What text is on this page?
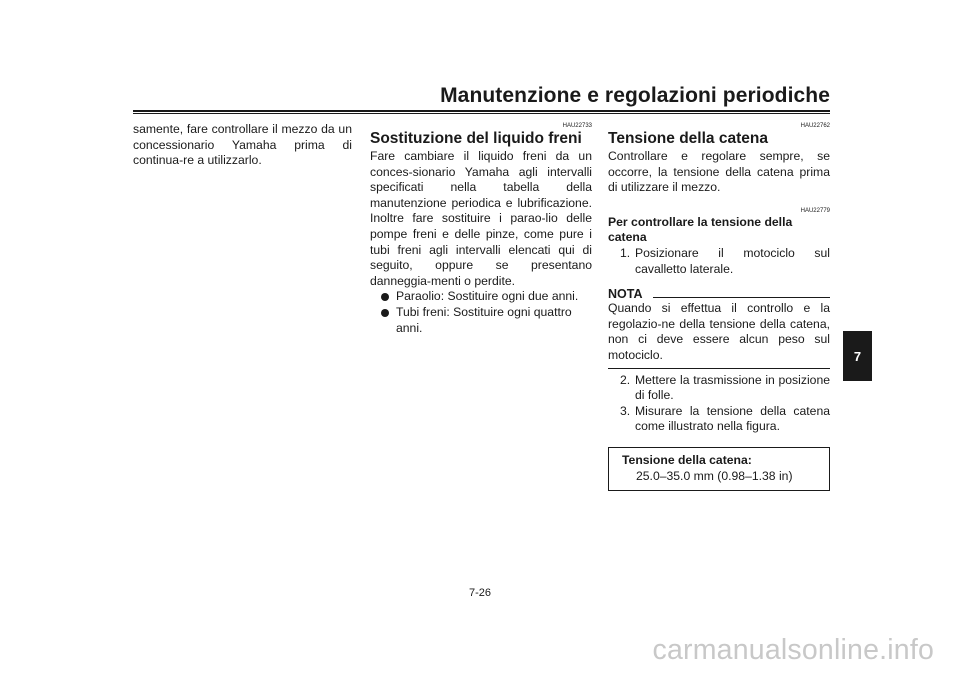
Manutenzione e regolazioni periodiche

samente, fare controllare il mezzo da un concessionario Yamaha prima di continua-re a utilizzarlo.

HAU22733
Sostituzione del liquido freni

Fare cambiare il liquido freni da un conces-sionario Yamaha agli intervalli specificati nella tabella della manutenzione periodica e lubrificazione. Inoltre fare sostituire i parao-lio delle pompe freni e delle pinze, come pure i tubi freni agli intervalli elencati qui di seguito, oppure se presentano danneggia-menti o perdite.

Paraolio: Sostituire ogni due anni.
Tubi freni: Sostituire ogni quattro anni.
HAU22762
Tensione della catena

Controllare e regolare sempre, se occorre, la tensione della catena prima di utilizzare il mezzo.

HAU22779
Per controllare la tensione della catena
1. Posizionare il motociclo sul cavalletto laterale.
NOTA

Quando si effettua il controllo e la regolazio-ne della tensione della catena, non ci deve essere alcun peso sul motociclo.

2. Mettere la trasmissione in posizione di folle.
3. Misurare la tensione della catena come illustrato nella figura.
Tensione della catena:
25.0–35.0 mm (0.98–1.38 in)
7
7-26
carmanualsonline.info
